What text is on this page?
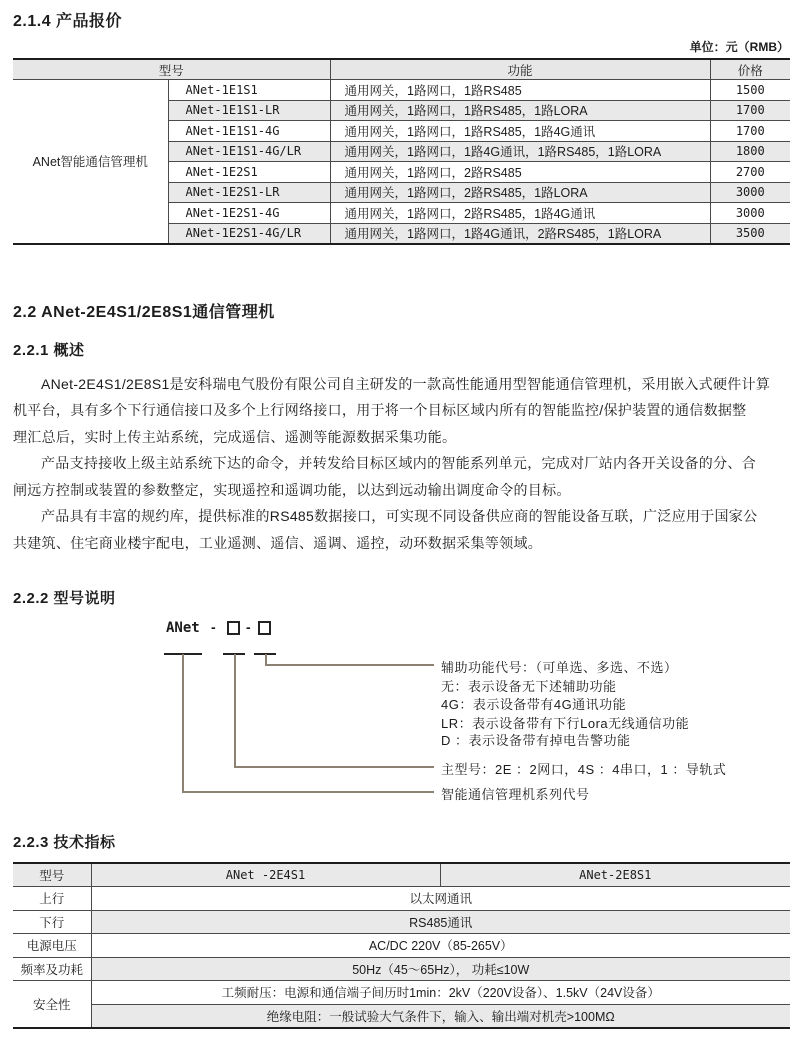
2.1.4 产品报价
单位：元（RMB）
型号		功能	价格
ANet智能通信管理机	ANet-1E1S1	通用网关，1路网口，1路RS485	1500
	ANet-1E1S1-LR	通用网关，1路网口，1路RS485，1路LORA	1700
	ANet-1E1S1-4G	通用网关，1路网口，1路RS485，1路4G通讯	1700
	ANet-1E1S1-4G/LR	通用网关，1路网口，1路4G通讯，1路RS485，1路LORA	1800
	ANet-1E2S1	通用网关，1路网口，2路RS485	2700
	ANet-1E2S1-LR	通用网关，1路网口，2路RS485，1路LORA	3000
	ANet-1E2S1-4G	通用网关，1路网口，2路RS485，1路4G通讯	3000
	ANet-1E2S1-4G/LR	通用网关，1路网口，1路4G通讯，2路RS485，1路LORA	3500
2.2 ANet-2E4S1/2E8S1通信管理机
2.2.1 概述
ANet-2E4S1/2E8S1是安科瑞电气股份有限公司自主研发的一款高性能通用型智能通信管理机，采用嵌入式硬件计算
机平台，具有多个下行通信接口及多个上行网络接口，用于将一个目标区域内所有的智能监控/保护装置的通信数据整
理汇总后，实时上传主站系统，完成遥信、遥测等能源数据采集功能。
产品支持接收上级主站系统下达的命令，并转发给目标区域内的智能系列单元，完成对厂站内各开关设备的分、合
闸远方控制或装置的参数整定，实现遥控和遥调功能，以达到远动输出调度命令的目标。
产品具有丰富的规约库，提供标准的RS485数据接口，可实现不同设备供应商的智能设备互联，广泛应用于国家公
共建筑、住宅商业楼宇配电，工业遥测、遥信、遥调、遥控，动环数据采集等领域。
2.2.2 型号说明
ANet - -
辅助功能代号：（可单选、多选、不选）
无：表示设备无下述辅助功能
4G：表示设备带有4G通讯功能
LR：表示设备带有下行Lora无线通信功能
D ：表示设备带有掉电告警功能
主型号：2E ：2网口，4S ：4串口，1 ：导轨式
智能通信管理机系列代号
2.2.3 技术指标
型号	ANet -2E4S1	ANet-2E8S1
上行	以太网通讯	
下行	RS485通讯	
电源电压	AC/DC 220V（85-265V）	
频率及功耗	50Hz（45～65Hz）， 功耗≤10W	
安全性	工频耐压：电源和通信端子间历时1min：2kV（220V设备）、1.5kV（24V设备）	
	绝缘电阻：一般试验大气条件下，输入、输出端对机壳>100MΩ	
